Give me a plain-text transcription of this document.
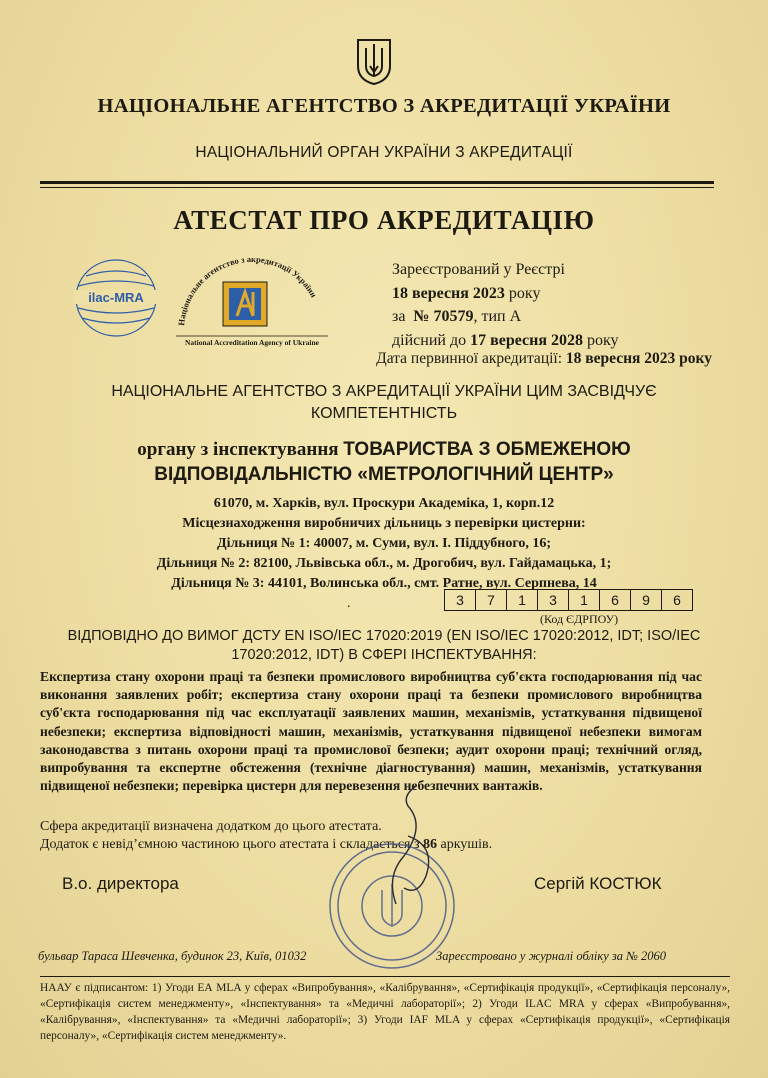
НАЦІОНАЛЬНЕ АГЕНТСТВО З АКРЕДИТАЦІЇ УКРАЇНИ
НАЦІОНАЛЬНИЙ ОРГАН УКРАЇНИ З АКРЕДИТАЦІЇ
АТЕСТАТ ПРО АКРЕДИТАЦІЮ
ilac-MRA
Національне агентство з акредитації України
National Accreditation Agency of Ukraine
Зареєстрований у Реєстрі
18 вересня 2023 року
за  № 70579, тип А
дійсний до 17 вересня 2028 року
Дата первинної акредитації: 18 вересня 2023 року
НАЦІОНАЛЬНЕ АГЕНТСТВО З АКРЕДИТАЦІЇ УКРАЇНИ ЦИМ ЗАСВІДЧУЄ КОМПЕТЕНТНІСТЬ
органу з інспектування ТОВАРИСТВА З ОБМЕЖЕНОЮ ВІДПОВІДАЛЬНІСТЮ «МЕТРОЛОГІЧНИЙ ЦЕНТР»
61070, м. Харків, вул. Проскури Академіка, 1, корп.12
Місцезнаходження виробничих дільниць з перевірки цистерни:
Дільниця № 1: 40007, м. Суми, вул. І. Піддубного, 16;
Дільниця № 2: 82100, Львівська обл., м. Дрогобич, вул. Гайдамацька, 1;
Дільниця № 3: 44101, Волинська обл., смт. Ратне, вул. Серпнева, 14
.	3	7	1	3	1	6	9	6
(Код ЄДРПОУ)
ВІДПОВІДНО ДО ВИМОГ ДСТУ EN ISO/IEC 17020:2019 (EN ISO/IEC 17020:2012, IDT; ISO/IEC 17020:2012, IDT) В СФЕРІ ІНСПЕКТУВАННЯ:
Експертиза стану охорони праці та безпеки промислового виробництва суб'єкта господарювання під час виконання заявлених робіт; експертиза стану охорони праці та безпеки промислового виробництва суб'єкта господарювання під час експлуатації заявлених машин, механізмів, устаткування підвищеної небезпеки; експертиза відповідності машин, механізмів, устаткування підвищеної небезпеки вимогам законодавства з питань охорони праці та промислової безпеки; аудит охорони праці; технічний огляд, випробування та експертне обстеження (технічне діагностування) машин, механізмів, устаткування підвищеної небезпеки; перевірка цистерн для перевезення небезпечних вантажів.
Сфера акредитації визначена додатком до цього атестата.
Додаток є невід’ємною частиною цього атестата і складається з 86 аркушів.
В.о. директора	Сергій КОСТЮК
бульвар Тараса Шевченка, будинок 23, Київ, 01032	Зареєстровано у журналі обліку за № 2060
НААУ є підписантом: 1) Угоди ЕА MLA у сферах «Випробування», «Калібрування», «Сертифікація продукції», «Сертифікація персоналу», «Сертифікація систем менеджменту», «Інспектування» та «Медичні лабораторії»; 2) Угоди ILAC MRA у сферах «Випробування», «Калібрування», «Інспектування» та «Медичні лабораторії»; 3) Угоди IAF MLA у сферах «Сертифікація продукції», «Сертифікація персоналу», «Сертифікація систем менеджменту».
